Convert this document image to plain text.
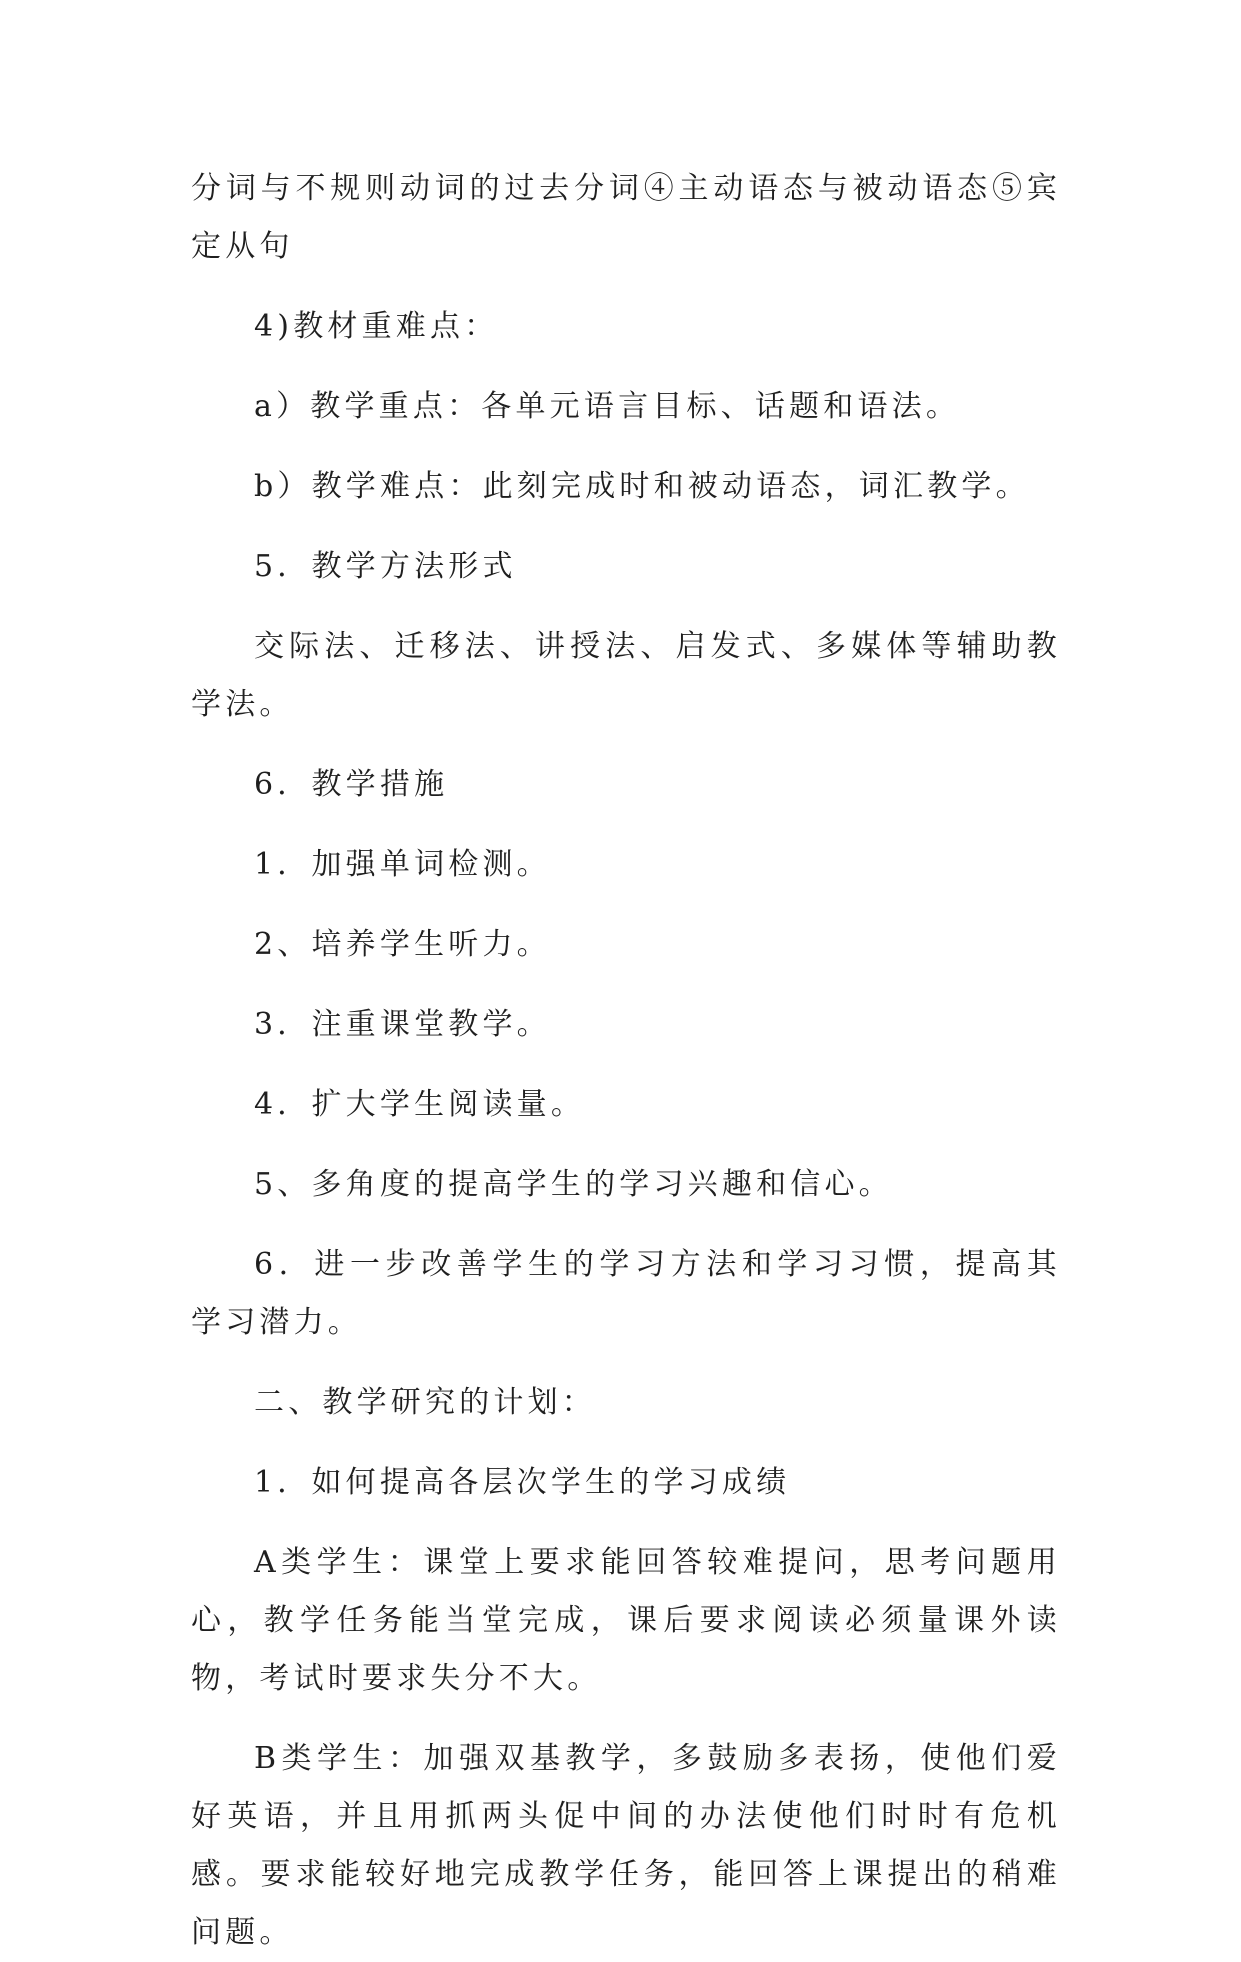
分词与不规则动词的过去分词④主动语态与被动语态⑤宾定从句

4)教材重难点：

a）教学重点：各单元语言目标、话题和语法。

b）教学难点：此刻完成时和被动语态，词汇教学。

5．教学方法形式

交际法、迁移法、讲授法、启发式、多媒体等辅助教学法。

6．教学措施

1．加强单词检测。

2、培养学生听力。

3．注重课堂教学。

4．扩大学生阅读量。

5、多角度的提高学生的学习兴趣和信心。

6．进一步改善学生的学习方法和学习习惯，提高其学习潜力。

二、教学研究的计划：

1．如何提高各层次学生的学习成绩

A类学生：课堂上要求能回答较难提问，思考问题用心，教学任务能当堂完成，课后要求阅读必须量课外读物，考试时要求失分不大。

B类学生：加强双基教学，多鼓励多表扬，使他们爱好英语，并且用抓两头促中间的办法使他们时时有危机感。要求能较好地完成教学任务，能回答上课提出的稍难问题。
